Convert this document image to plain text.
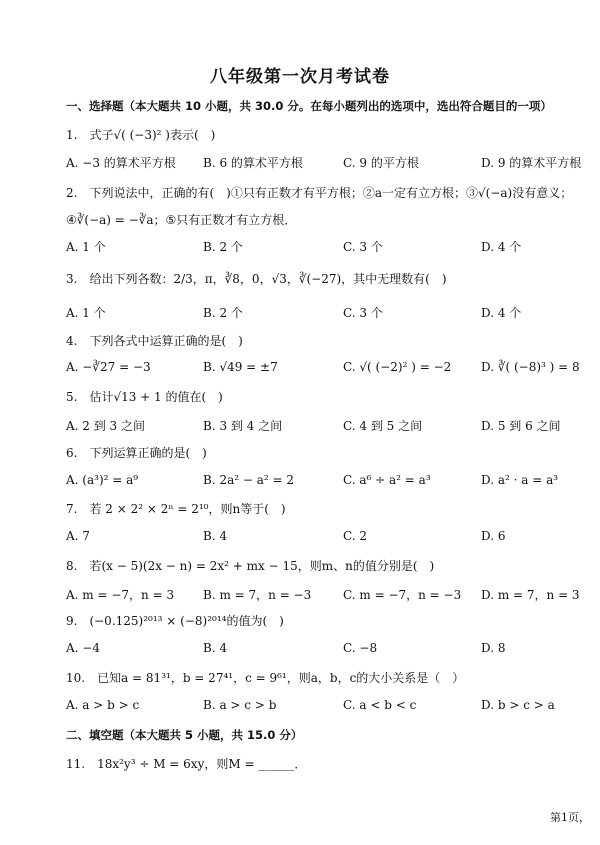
八年级第一次月考试卷
一、选择题（本大题共 10 小题，共 30.0 分。在每小题列出的选项中，选出符合题目的一项）
1.　式子√( (−3)² )表示(　)
A. −3 的算术平方根 B. 6 的算术平方根	C. 9 的平方根	D. 9 的算术平方根
2.　下列说法中，正确的有(　)①只有正数才有平方根；②a一定有立方根；③√(−a)没有意义；
④∛(−a) = −∛a；⑤只有正数才有立方根．
A. 1 个	B. 2 个	C. 3 个	D. 4 个
3.　给出下列各数：2/3，π，∛8，0，√3，∛(−27)，其中无理数有(　)
A. 1 个	B. 2 个	C. 3 个	D. 4 个
4.　下列各式中运算正确的是(　)
A. −∛27 = −3	B. √49 = ±7	C. √( (−2)² ) = −2 D. ∛( (−8)³ ) = 8
5.　估计√13 + 1 的值在(　)
A. 2 到 3 之间	B. 3 到 4 之间	C. 4 到 5 之间	D. 5 到 6 之间
6.　下列运算正确的是(　)
A. (a³)² = a⁹	B. 2a² − a² = 2	C. a⁶ ÷ a² = a³	D. a² · a = a³
7.　若 2 × 2² × 2ⁿ = 2¹⁰，则n等于(　)
A. 7	B. 4	C. 2	D. 6
8.　若(x − 5)(2x − n) = 2x² + mx − 15，则m、n的值分别是(　)
A. m = −7，n = 3 B. m = 7，n = −3	C. m = −7，n = −3 D. m = 7，n = 3
9.　(−0.125)²⁰¹³ × (−8)²⁰¹⁴的值为(　)
A. −4	B. 4	C. −8	D. 8
10.　已知a = 81³¹，b = 27⁴¹，c = 9⁶¹，则a，b，c的大小关系是（　）
A. a > b > c	B. a > c > b	C. a < b < c	D. b > c > a
二、填空题（本大题共 5 小题，共 15.0 分）
11.　18x²y³ ÷ M = 6xy，则M = ______．
第1页，
